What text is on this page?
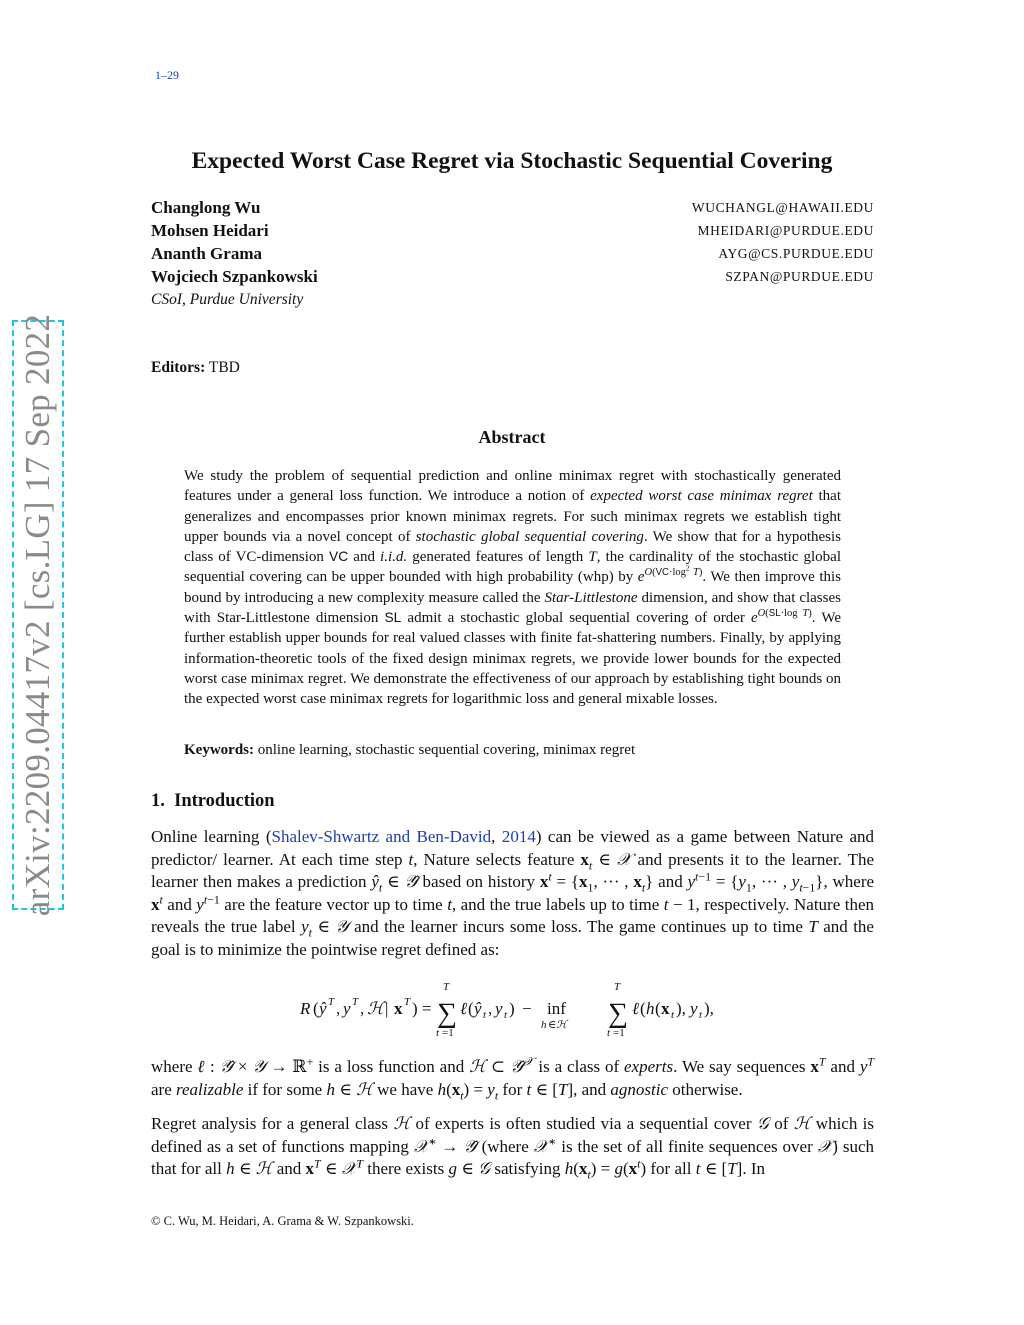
1–29
Expected Worst Case Regret via Stochastic Sequential Covering
Changlong Wu	WUCHANGL@HAWAII.EDU
Mohsen Heidari	MHEIDARI@PURDUE.EDU
Ananth Grama	AYG@CS.PURDUE.EDU
Wojciech Szpankowski	SZPAN@PURDUE.EDU
CSoI, Purdue University
Editors: TBD
Abstract
We study the problem of sequential prediction and online minimax regret with stochastically generated features under a general loss function. We introduce a notion of expected worst case minimax regret that generalizes and encompasses prior known minimax regrets. For such minimax regrets we establish tight upper bounds via a novel concept of stochastic global sequential covering. We show that for a hypothesis class of VC-dimension VC and i.i.d. generated features of length T, the cardinality of the stochastic global sequential covering can be upper bounded with high probability (whp) by $e^{O(VC\cdot log^2 T)}$. We then improve this bound by introducing a new complexity measure called the Star-Littlestone dimension, and show that classes with Star-Littlestone dimension SL admit a stochastic global sequential covering of order $e^{O(SL\cdot log T)}$. We further establish upper bounds for real valued classes with finite fat-shattering numbers. Finally, by applying information-theoretic tools of the fixed design minimax regrets, we provide lower bounds for the expected worst case minimax regret. We demonstrate the effectiveness of our approach by establishing tight bounds on the expected worst case minimax regrets for logarithmic loss and general mixable losses.
Keywords: online learning, stochastic sequential covering, minimax regret
1. Introduction
Online learning (Shalev-Shwartz and Ben-David, 2014) can be viewed as a game between Nature and predictor/ learner. At each time step t, Nature selects feature $x_t$ ∈ 𝒳 and presents it to the learner. The learner then makes a prediction $ŷ_t$ ∈ 𝒴̂ based on history $x^t = \{x_1$, ··· , $x_t$} and $y^{t-1} = \{y_1$, ··· , $y_{t-1}$}, where $x^t$ and $y^{t-1}$ are the feature vector up to time t, and the true labels up to time t − 1, respectively. Nature then reveals the true label $y_t$ ∈ 𝒴 and the learner incurs some loss. The game continues up to time T and the goal is to minimize the pointwise regret defined as:
R ( ŷ T , y T , ℋ | x T ) =
T
∑
t =1
ℓ ( ŷ t , y t ) − inf
h ∈ ℋ
T
∑
t =1
ℓ ( h ( x t ), y t ),
where ℓ : 𝒴̂ × 𝒴 → ℝ+ is a loss function and ℋ ⊂ 𝒴̂$^𝒳$ is a class of experts. We say sequences $x^T$ and $y^T$ are realizable if for some h ∈ ℋ we have $h(x_t) = y_t$ for t ∈ [T], and agnostic otherwise.
Regret analysis for a general class ℋ of experts is often studied via a sequential cover 𝒢 of ℋ which is defined as a set of functions mapping 𝒳∗ → 𝒴̂ (where 𝒳∗ is the set of all finite sequences over 𝒳) such that for all h ∈ ℋ and $x^T$ ∈ 𝒳$^T$ there exists g ∈ 𝒢 satisfying $h(x_t) = g(x^t)$ for all t ∈ [T]. In
© C. Wu, M. Heidari, A. Grama & W. Szpankowski.
arXiv:2209.04417v2 [cs.LG] 17 Sep 2022
